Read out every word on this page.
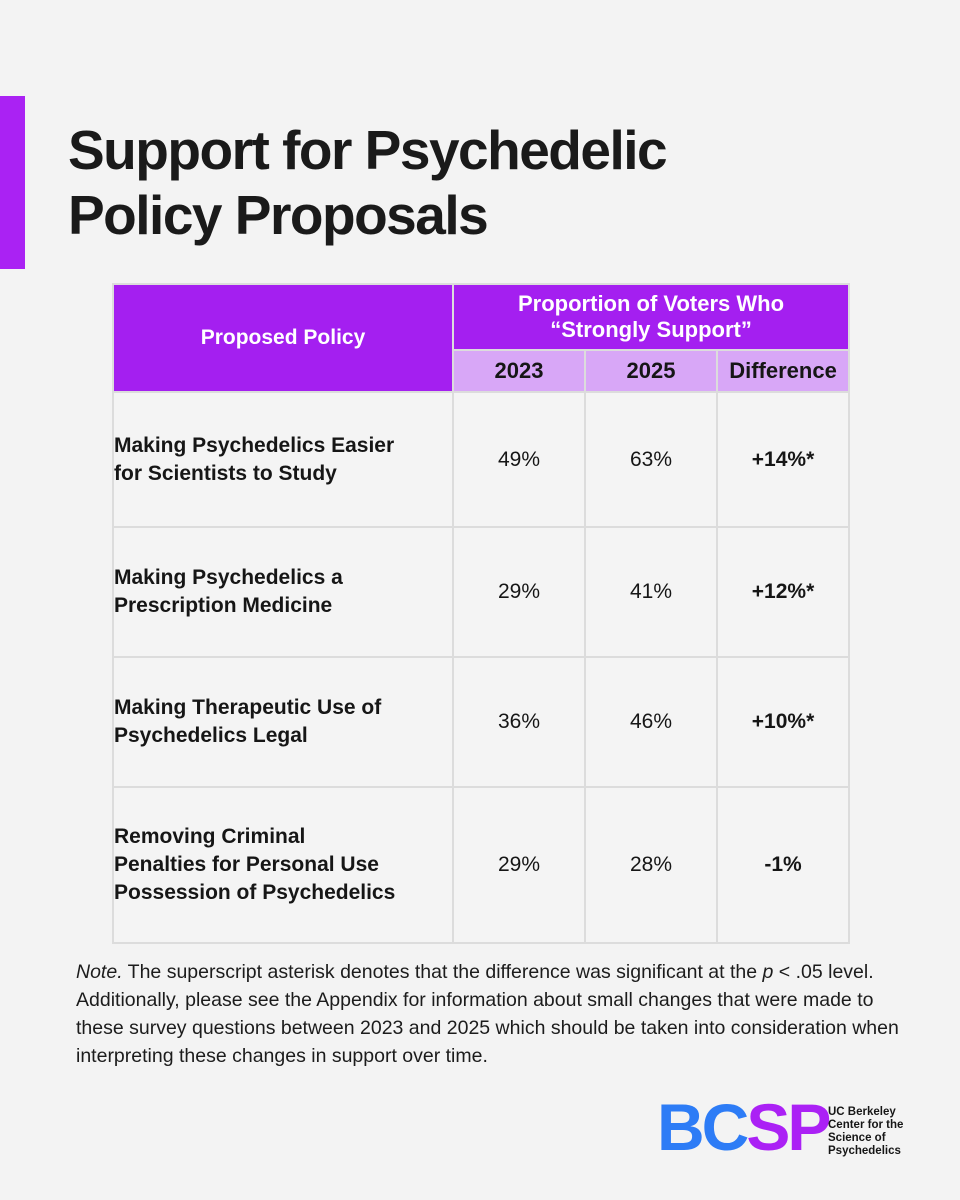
Support for Psychedelic
Policy Proposals
Proposed Policy	Proportion of Voters Who
“Strongly Support”		
	2023	2025	Difference
Making Psychedelics Easier
for Scientists to Study	49%	63%	+14%*
Making Psychedelics a
Prescription Medicine	29%	41%	+12%*
Making Therapeutic Use of
Psychedelics Legal	36%	46%	+10%*
Removing Criminal
Penalties for Personal Use
Possession of Psychedelics	29%	28%	-1%

Note. The superscript asterisk denotes that the difference was significant at the p < .05 level. Additionally, please see the Appendix for information about small changes that were made to these survey questions between 2023 and 2025 which should be taken into consideration when interpreting these changes in support over time.

BCSP UC Berkeley
Center for the
Science of
Psychedelics
